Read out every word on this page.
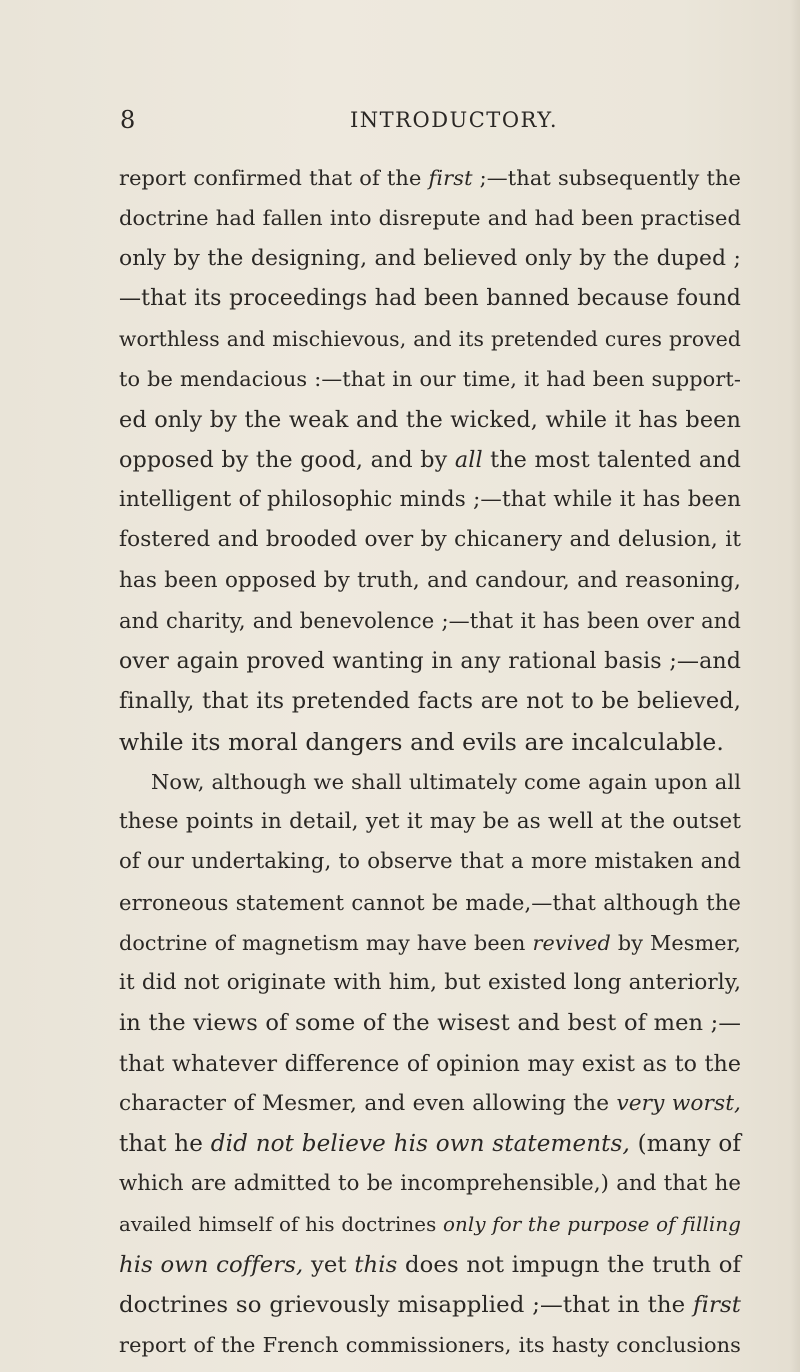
8	INTRODUCTORY.
report confirmed that of the first ;—that subsequently the
doctrine had fallen into disrepute and had been practised
only by the designing, and believed only by the duped ;
—that its proceedings had been banned because found
worthless and mischievous, and its pretended cures proved
to be mendacious :—that in our time, it had been support-
ed only by the weak and the wicked, while it has been
opposed by the good, and by all the most talented and
intelligent of philosophic minds ;—that while it has been
fostered and brooded over by chicanery and delusion, it
has been opposed by truth, and candour, and reasoning,
and charity, and benevolence ;—that it has been over and
over again proved wanting in any rational basis ;—and
finally, that its pretended facts are not to be believed,
while its moral dangers and evils are incalculable.
Now, although we shall ultimately come again upon all
these points in detail, yet it may be as well at the outset
of our undertaking, to observe that a more mistaken and
erroneous statement cannot be made,—that although the
doctrine of magnetism may have been revived by Mesmer,
it did not originate with him, but existed long anteriorly,
in the views of some of the wisest and best of men ;—
that whatever difference of opinion may exist as to the
character of Mesmer, and even allowing the very worst,
that he did not believe his own statements, (many of
which are admitted to be incomprehensible,) and that he
availed himself of his doctrines only for the purpose of filling
his own coffers, yet this does not impugn the truth of
doctrines so grievously misapplied ;—that in the first
report of the French commissioners, its hasty conclusions
